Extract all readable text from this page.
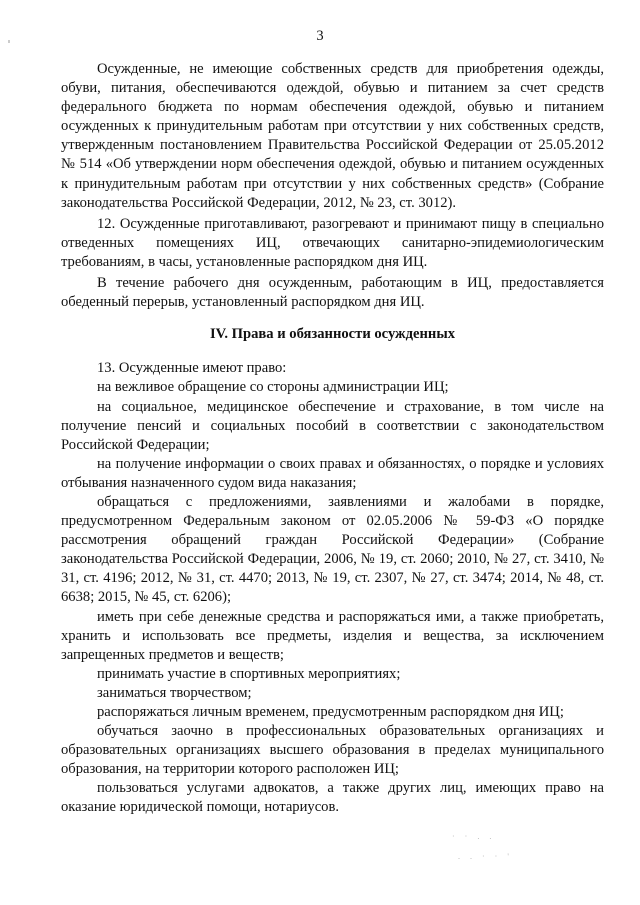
3

Осужденные, не имеющие собственных средств для приобретения одежды, обуви, питания, обеспечиваются одеждой, обувью и питанием за счет средств федерального бюджета по нормам обеспечения одеждой, обувью и питанием осужденных к принудительным работам при отсутствии у них собственных средств, утвержденным постановлением Правительства Российской Федерации от 25.05.2012 № 514 «Об утверждении норм обеспечения одеждой, обувью и питанием осужденных к принудительным работам при отсутствии у них собственных средств» (Собрание законодательства Российской Федерации, 2012, № 23, ст. 3012).

12. Осужденные приготавливают, разогревают и принимают пищу в специально отведенных помещениях ИЦ, отвечающих санитарно-эпидемиологическим требованиям, в часы, установленные распорядком дня ИЦ.

В течение рабочего дня осужденным, работающим в ИЦ, предоставляется обеденный перерыв, установленный распорядком дня ИЦ.

IV. Права и обязанности осужденных

13. Осужденные имеют право:

на вежливое обращение со стороны администрации ИЦ;

на социальное, медицинское обеспечение и страхование, в том числе на получение пенсий и социальных пособий в соответствии с законодательством Российской Федерации;

на получение информации о своих правах и обязанностях, о порядке и условиях отбывания назначенного судом вида наказания;

обращаться с предложениями, заявлениями и жалобами в порядке, предусмотренном Федеральным законом от 02.05.2006 № 59-ФЗ «О порядке рассмотрения обращений граждан Российской Федерации» (Собрание законодательства Российской Федерации, 2006, № 19, ст. 2060; 2010, № 27, ст. 3410, № 31, ст. 4196; 2012, № 31, ст. 4470; 2013, № 19, ст. 2307, № 27, ст. 3474; 2014, № 48, ст. 6638; 2015, № 45, ст. 6206);

иметь при себе денежные средства и распоряжаться ими, а также приобретать, хранить и использовать все предметы, изделия и вещества, за исключением запрещенных предметов и веществ;

принимать участие в спортивных мероприятиях;

заниматься творчеством;

распоряжаться личным временем, предусмотренным распорядком дня ИЦ;

обучаться заочно в профессиональных образовательных организациях и образовательных организациях высшего образования в пределах муниципального образования, на территории которого расположен ИЦ;

пользоваться услугами адвокатов, а также других лиц, имеющих право на оказание юридической помощи, нотариусов.

· · . .
. . · · '
